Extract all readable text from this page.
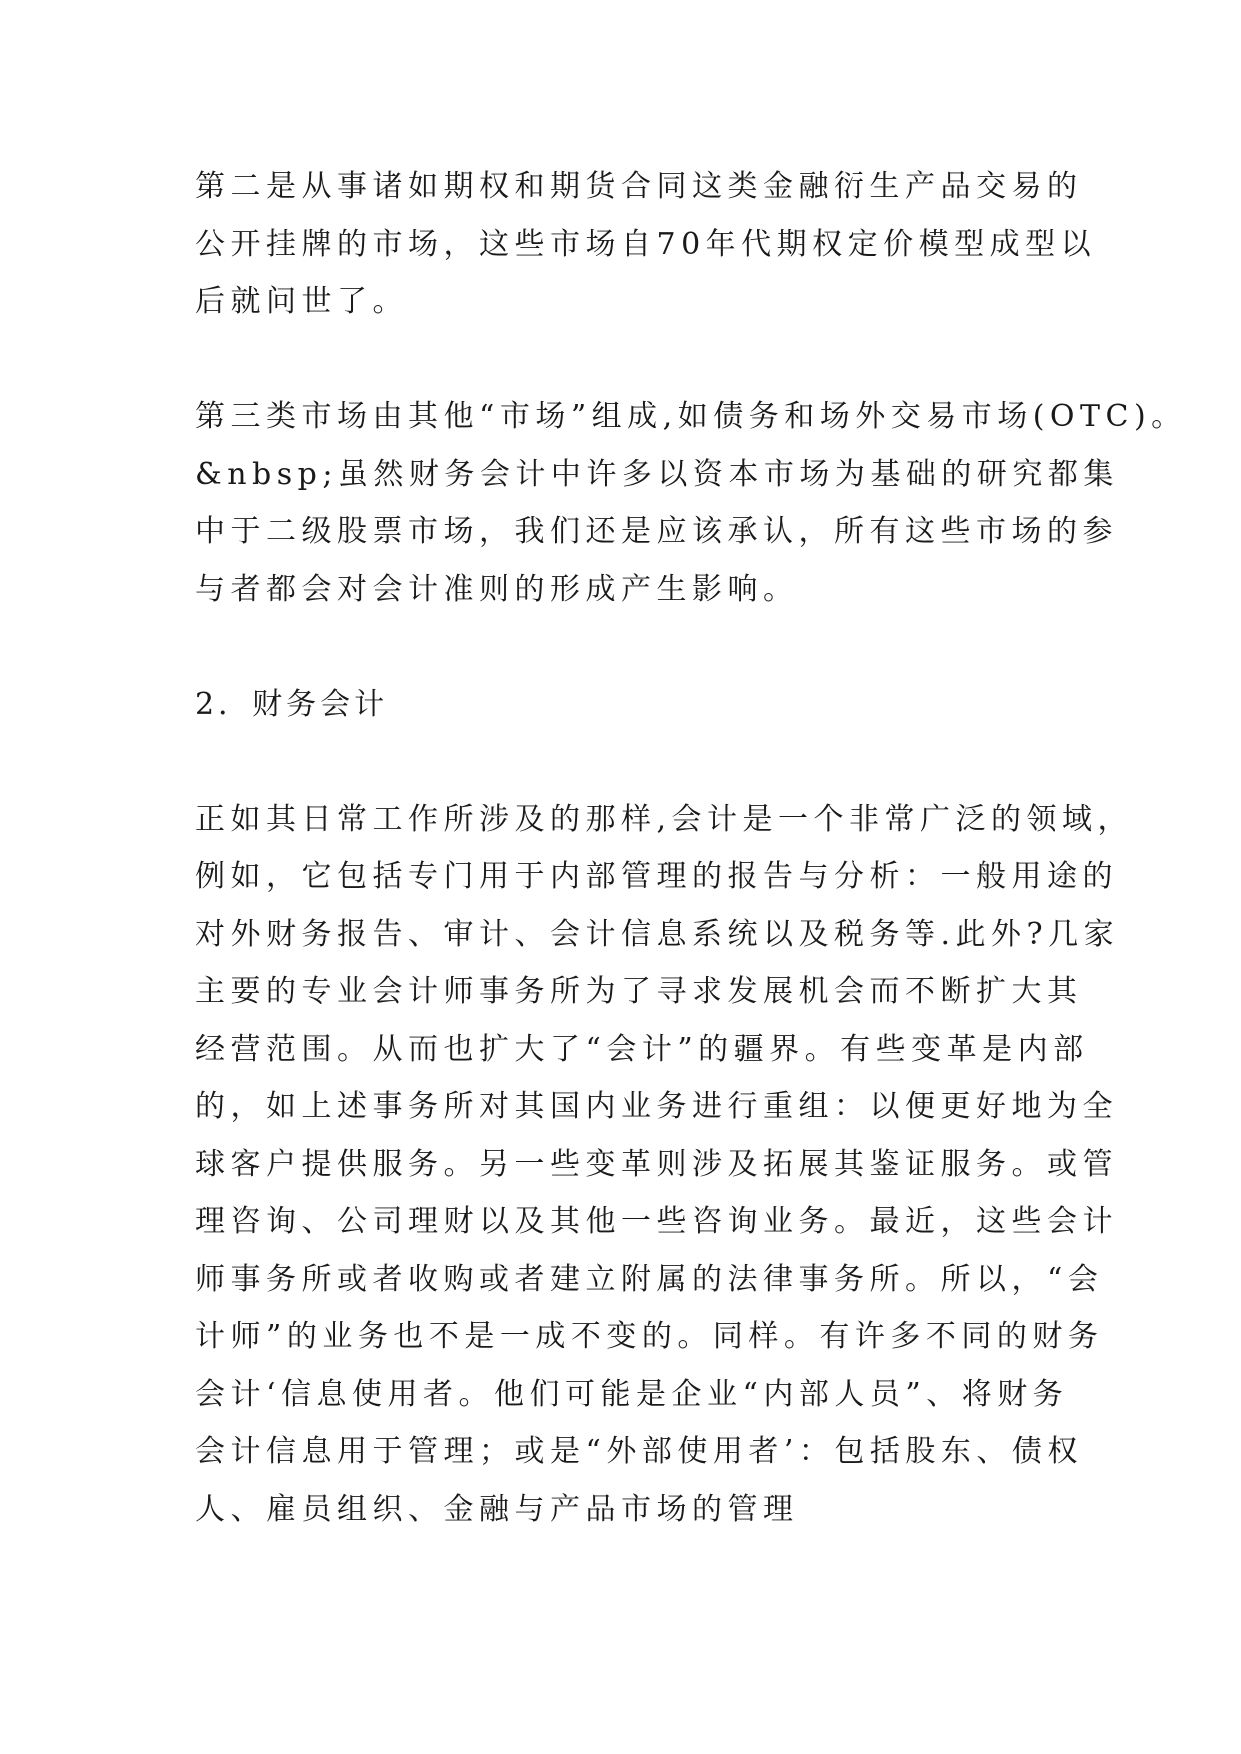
第二是从事诸如期权和期货合同这类金融衍生产品交易的
公开挂牌的市场，这些市场自70年代期权定价模型成型以
后就问世了。
第三类市场由其他“市场”组成,如债务和场外交易市场(OTC)。
&nbsp;虽然财务会计中许多以资本市场为基础的研究都集
中于二级股票市场，我们还是应该承认，所有这些市场的参
与者都会对会计准则的形成产生影响。
2．财务会计
正如其日常工作所涉及的那样,会计是一个非常广泛的领域，
例如，它包括专门用于内部管理的报告与分析：一般用途的
对外财务报告、审计、会计信息系统以及税务等.此外?几家
主要的专业会计师事务所为了寻求发展机会而不断扩大其
经营范围。从而也扩大了“会计”的疆界。有些变革是内部
的，如上述事务所对其国内业务进行重组：以便更好地为全
球客户提供服务。另一些变革则涉及拓展其鉴证服务。或管
理咨询、公司理财以及其他一些咨询业务。最近，这些会计
师事务所或者收购或者建立附属的法律事务所。所以，“会
计师”的业务也不是一成不变的。同样。有许多不同的财务
会计‘信息使用者。他们可能是企业“内部人员”、将财务
会计信息用于管理；或是“外部使用者’：包括股东、债权
人、雇员组织、金融与产品市场的管理
